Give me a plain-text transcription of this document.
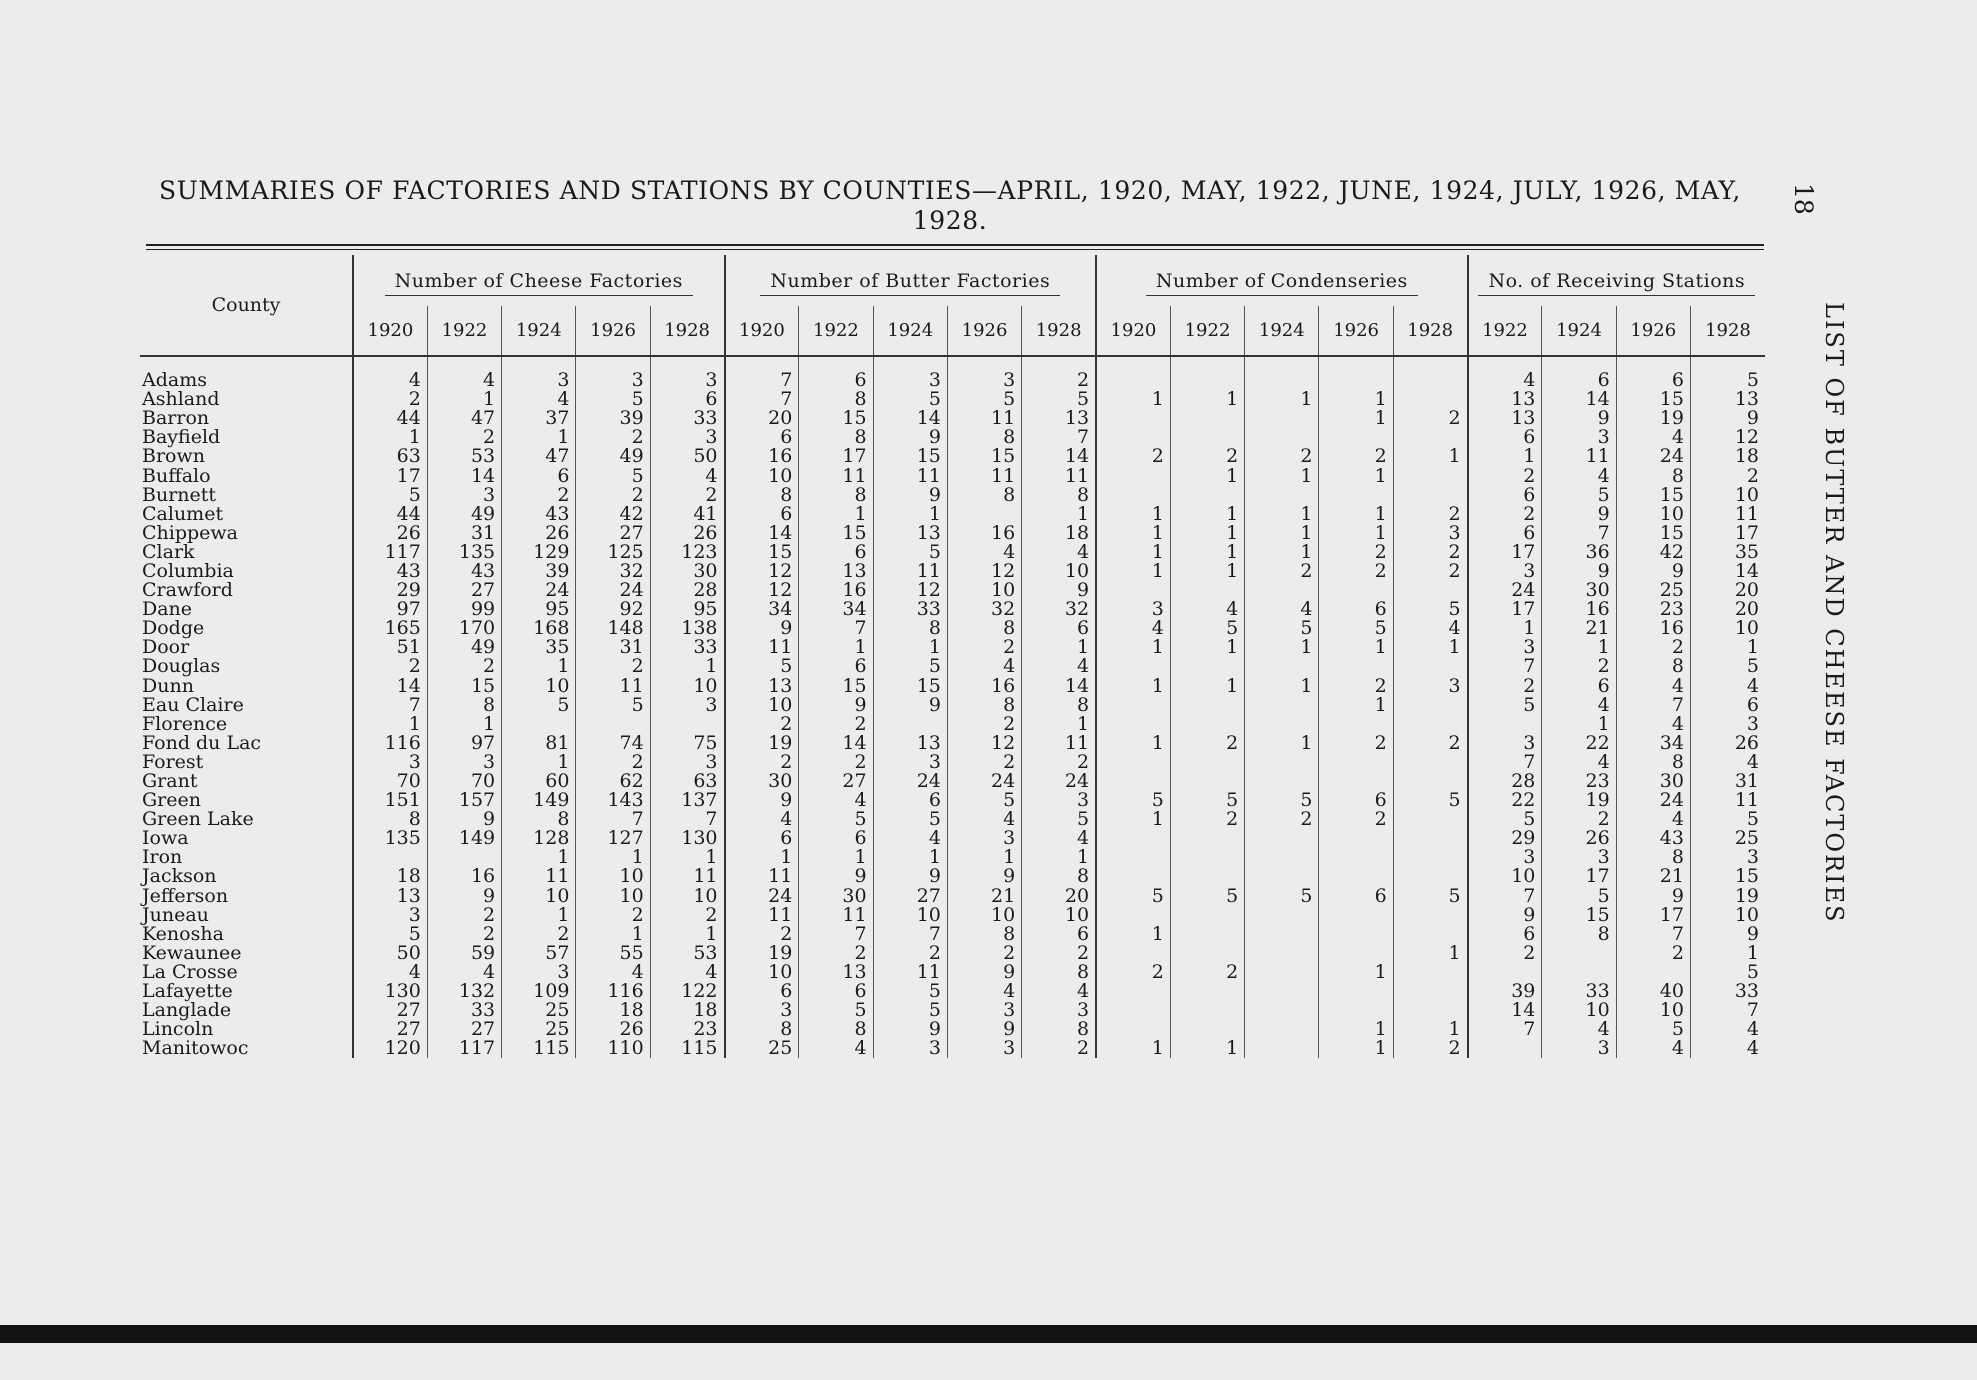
SUMMARIES OF FACTORIES AND STATIONS BY COUNTIES—APRIL, 1920, MAY, 1922, JUNE, 1924, JULY, 1926, MAY, 1928.
18
LIST OF BUTTER AND CHEESE FACTORIES
County	Number of Cheese Factories					Number of Butter Factories					Number of Condenseries					No. of Receiving Stations			
	1920	1922	1924	1926	1928	1920	1922	1924	1926	1928	1920	1922	1924	1926	1928	1922	1924	1926	1928
Adams	4	4	3	3	3	7	6	3	3	2						4	6	6	5
Ashland	2	1	4	5	6	7	8	5	5	5	1	1	1	1		13	14	15	13
Barron	44	47	37	39	33	20	15	14	11	13				1	2	13	9	19	9
Bayfield	1	2	1	2	3	6	8	9	8	7						6	3	4	12
Brown	63	53	47	49	50	16	17	15	15	14	2	2	2	2	1	1	11	24	18
Buffalo	17	14	6	5	4	10	11	11	11	11		1	1	1		2	4	8	2
Burnett	5	3	2	2	2	8	8	9	8	8						6	5	15	10
Calumet	44	49	43	42	41	6	1	1		1	1	1	1	1	2	2	9	10	11
Chippewa	26	31	26	27	26	14	15	13	16	18	1	1	1	1	3	6	7	15	17
Clark	117	135	129	125	123	15	6	5	4	4	1	1	1	2	2	17	36	42	35
Columbia	43	43	39	32	30	12	13	11	12	10	1	1	2	2	2	3	9	9	14
Crawford	29	27	24	24	28	12	16	12	10	9						24	30	25	20
Dane	97	99	95	92	95	34	34	33	32	32	3	4	4	6	5	17	16	23	20
Dodge	165	170	168	148	138	9	7	8	8	6	4	5	5	5	4	1	21	16	10
Door	51	49	35	31	33	11	1	1	2	1	1	1	1	1	1	3	1	2	1
Douglas	2	2	1	2	1	5	6	5	4	4						7	2	8	5
Dunn	14	15	10	11	10	13	15	15	16	14	1	1	1	2	3	2	6	4	4
Eau Claire	7	8	5	5	3	10	9	9	8	8				1		5	4	7	6
Florence	1	1				2	2		2	1							1	4	3
Fond du Lac	116	97	81	74	75	19	14	13	12	11	1	2	1	2	2	3	22	34	26
Forest	3	3	1	2	3	2	2	3	2	2						7	4	8	4
Grant	70	70	60	62	63	30	27	24	24	24						28	23	30	31
Green	151	157	149	143	137	9	4	6	5	3	5	5	5	6	5	22	19	24	11
Green Lake	8	9	8	7	7	4	5	5	4	5	1	2	2	2		5	2	4	5
Iowa	135	149	128	127	130	6	6	4	3	4						29	26	43	25
Iron			1	1	1	1	1	1	1	1						3	3	8	3
Jackson	18	16	11	10	11	11	9	9	9	8						10	17	21	15
Jefferson	13	9	10	10	10	24	30	27	21	20	5	5	5	6	5	7	5	9	19
Juneau	3	2	1	2	2	11	11	10	10	10						9	15	17	10
Kenosha	5	2	2	1	1	2	7	7	8	6	1					6	8	7	9
Kewaunee	50	59	57	55	53	19	2	2	2	2					1	2		2	1
La Crosse	4	4	3	4	4	10	13	11	9	8	2	2		1					5
Lafayette	130	132	109	116	122	6	6	5	4	4						39	33	40	33
Langlade	27	33	25	18	18	3	5	5	3	3						14	10	10	7
Lincoln	27	27	25	26	23	8	8	9	9	8				1	1	7	4	5	4
Manitowoc	120	117	115	110	115	25	4	3	3	2	1	1		1	2		3	4	4
